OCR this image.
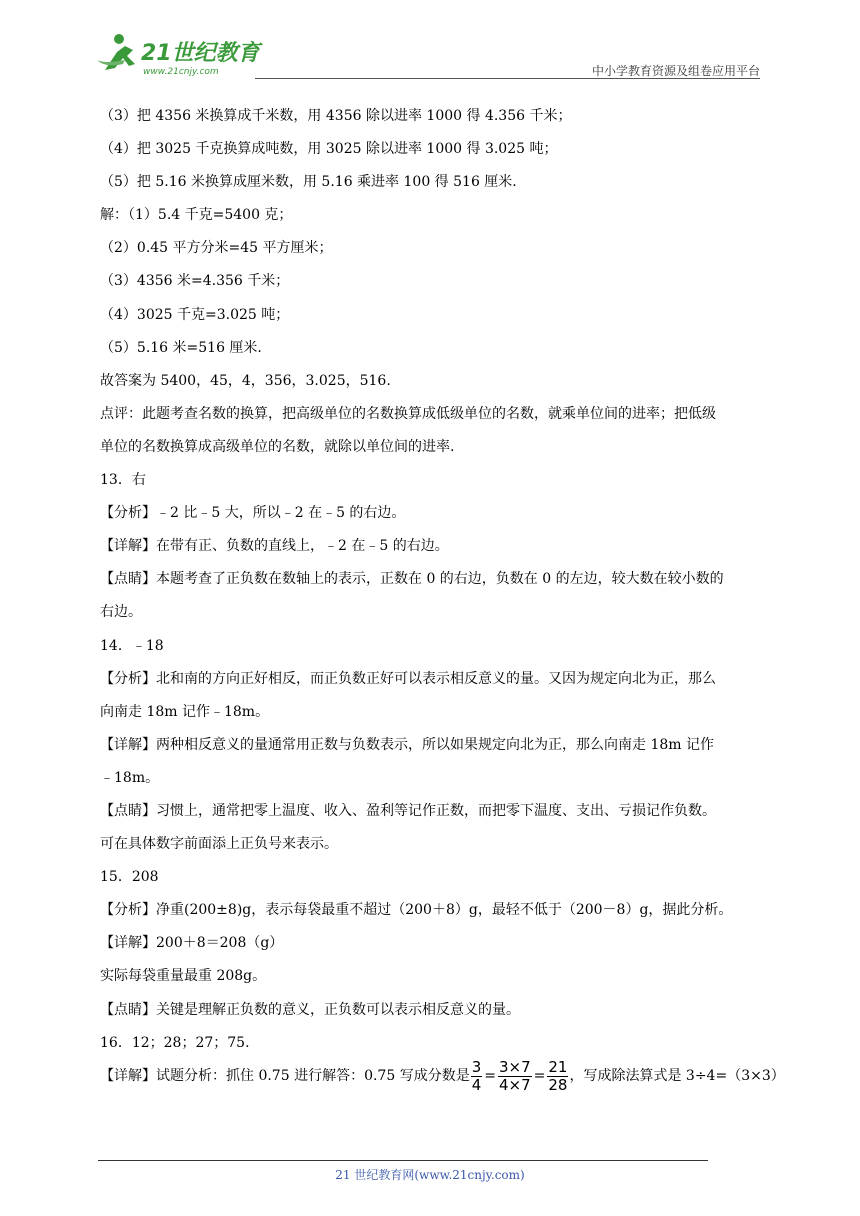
21世纪教育
www.21cnjy.com	中小学教育资源及组卷应用平台
（3）把 4356 米换算成千米数，用 4356 除以进率 1000 得 4.356 千米；
（4）把 3025 千克换算成吨数，用 3025 除以进率 1000 得 3.025 吨；
（5）把 5.16 米换算成厘米数，用 5.16 乘进率 100 得 516 厘米.
解：（1）5.4 千克=5400 克；
（2）0.45 平方分米=45 平方厘米；
（3）4356 米=4.356 千米；
（4）3025 千克=3.025 吨；
（5）5.16 米=516 厘米.
故答案为 5400，45，4，356，3.025，516.
点评：此题考查名数的换算，把高级单位的名数换算成低级单位的名数，就乘单位间的进率；把低级
单位的名数换算成高级单位的名数，就除以单位间的进率.
13．右
【分析】﹣2 比﹣5 大，所以﹣2 在﹣5 的右边。
【详解】在带有正、负数的直线上，﹣2 在﹣5 的右边。
【点睛】本题考查了正负数在数轴上的表示，正数在 0 的右边，负数在 0 的左边，较大数在较小数的
右边。
14．﹣18
【分析】北和南的方向正好相反，而正负数正好可以表示相反意义的量。又因为规定向北为正，那么
向南走 18m 记作﹣18m。
【详解】两种相反意义的量通常用正数与负数表示，所以如果规定向北为正，那么向南走 18m 记作
﹣18m。
【点睛】习惯上，通常把零上温度、收入、盈利等记作正数，而把零下温度、支出、亏损记作负数。
可在具体数字前面添上正负号来表示。
15．208
【分析】净重(200±8)g，表示每袋最重不超过（200＋8）g，最轻不低于（200－8）g，据此分析。
【详解】200＋8＝208（g）
实际每袋重量最重 208g。
【点睛】关键是理解正负数的意义，正负数可以表示相反意义的量。
16．12；28；27；75.
【详解】试题分析：抓住 0.75 进行解答：0.75 写成分数是 $\frac{3}{4} = \frac{3\times 7}{4\times 7} = \frac{21}{28}$ ，写成除法算式是 3÷4=（3×3）
21 世纪教育网(www.21cnjy.com)
